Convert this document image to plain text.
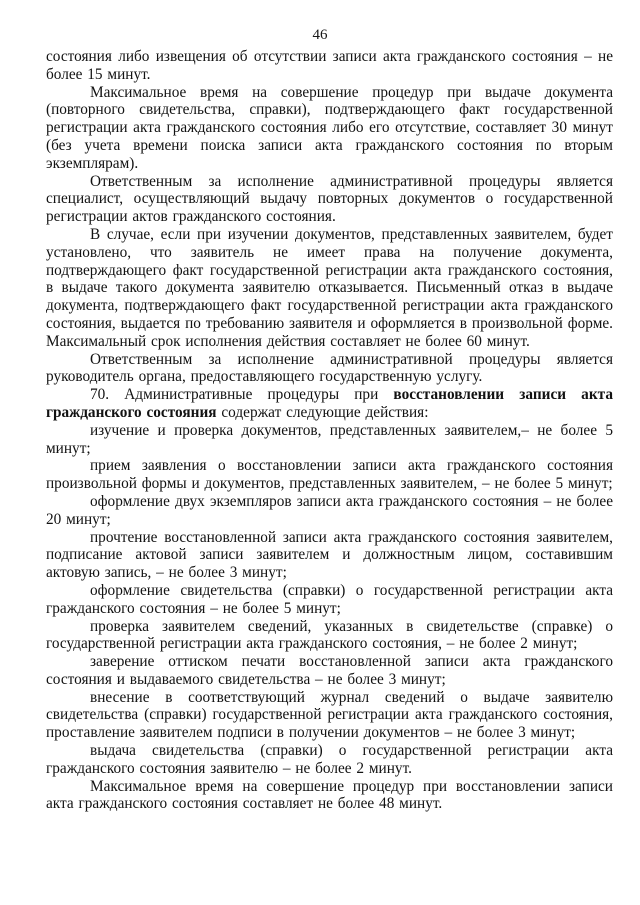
46

состояния либо извещения об отсутствии записи акта гражданского состояния – не более 15 минут.

Максимальное время на совершение процедур при выдаче документа (повторного свидетельства, справки), подтверждающего факт государственной регистрации акта гражданского состояния либо его отсутствие, составляет 30 минут (без учета времени поиска записи акта гражданского состояния по вторым экземплярам).

Ответственным за исполнение административной процедуры является специалист, осуществляющий выдачу повторных документов о государственной регистрации актов гражданского состояния.

В случае, если при изучении документов, представленных заявителем, будет установлено, что заявитель не имеет права на получение документа, подтверждающего факт государственной регистрации акта гражданского состояния, в выдаче такого документа заявителю отказывается. Письменный отказ в выдаче документа, подтверждающего факт государственной регистрации акта гражданского состояния, выдается по требованию заявителя и оформляется в произвольной форме. Максимальный срок исполнения действия составляет не более 60 минут.

Ответственным за исполнение административной процедуры является руководитель органа, предоставляющего государственную услугу.

70. Административные процедуры при восстановлении записи акта гражданского состояния содержат следующие действия:

изучение и проверка документов, представленных заявителем,– не более 5 минут;

прием заявления о восстановлении записи акта гражданского состояния произвольной формы и документов, представленных заявителем, – не более 5 минут;

оформление двух экземпляров записи акта гражданского состояния – не более 20 минут;

прочтение восстановленной записи акта гражданского состояния заявителем, подписание актовой записи заявителем и должностным лицом, составившим актовую запись, – не более 3 минут;

оформление свидетельства (справки) о государственной регистрации акта гражданского состояния – не более 5 минут;

проверка заявителем сведений, указанных в свидетельстве (справке) о государственной регистрации акта гражданского состояния, – не более 2 минут;

заверение оттиском печати восстановленной записи акта гражданского состояния и выдаваемого свидетельства – не более 3 минут;

внесение в соответствующий журнал сведений о выдаче заявителю свидетельства (справки) государственной регистрации акта гражданского состояния, проставление заявителем подписи в получении документов – не более 3 минут;

выдача свидетельства (справки) о государственной регистрации акта гражданского состояния заявителю – не более 2 минут.

Максимальное время на совершение процедур при восстановлении записи акта гражданского состояния составляет не более 48 минут.
